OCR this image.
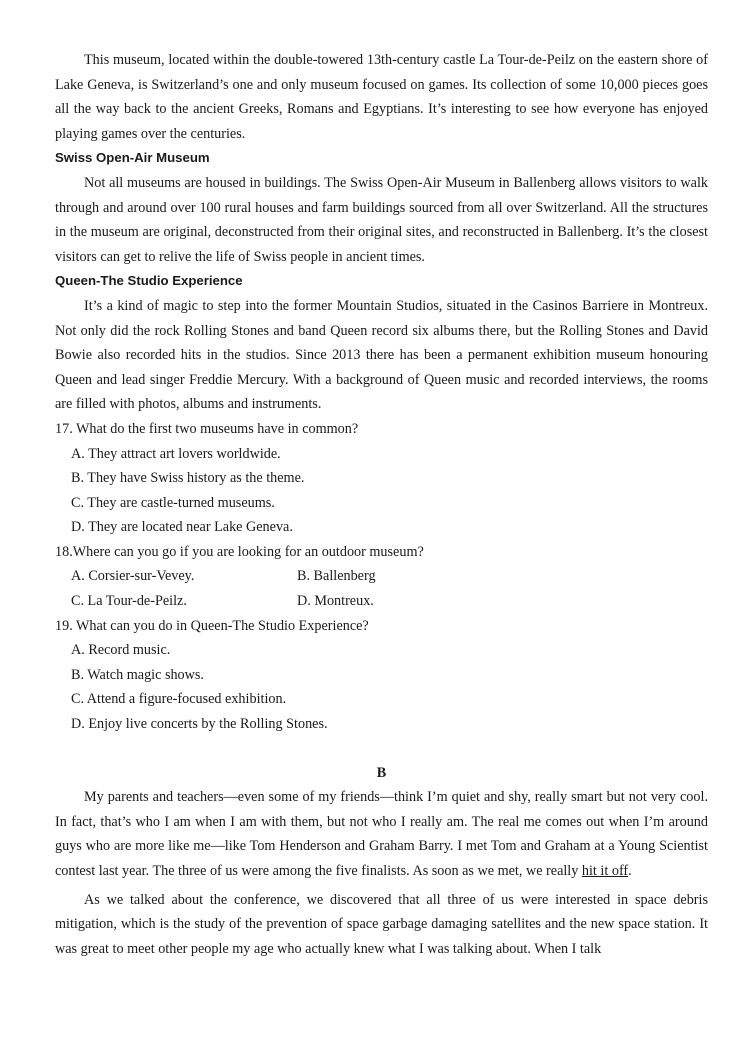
This museum, located within the double-towered 13th-century castle La Tour-de-Peilz on the eastern shore of Lake Geneva, is Switzerland’s one and only museum focused on games. Its collection of some 10,000 pieces goes all the way back to the ancient Greeks, Romans and Egyptians. It’s interesting to see how everyone has enjoyed playing games over the centuries.

Swiss Open-Air Museum

Not all museums are housed in buildings. The Swiss Open-Air Museum in Ballenberg allows visitors to walk through and around over 100 rural houses and farm buildings sourced from all over Switzerland. All the structures in the museum are original, deconstructed from their original sites, and reconstructed in Ballenberg. It’s the closest visitors can get to relive the life of Swiss people in ancient times.

Queen-The Studio Experience

It’s a kind of magic to step into the former Mountain Studios, situated in the Casinos Barriere in Montreux. Not only did the rock Rolling Stones and band Queen record six albums there, but the Rolling Stones and David Bowie also recorded hits in the studios. Since 2013 there has been a permanent exhibition museum honouring Queen and lead singer Freddie Mercury. With a background of Queen music and recorded interviews, the rooms are filled with photos, albums and instruments.

17. What do the first two museums have in common?
A. They attract art lovers worldwide.
B. They have Swiss history as the theme.
C. They are castle-turned museums.
D. They are located near Lake Geneva.
18.Where can you go if you are looking for an outdoor museum?
A. Corsier-sur-Vevey.	B. Ballenberg
C. La Tour-de-Peilz.	D. Montreux.
19. What can you do in Queen-The Studio Experience?
A. Record music.
B. Watch magic shows.
C. Attend a figure-focused exhibition.
D. Enjoy live concerts by the Rolling Stones.
B

My parents and teachers—even some of my friends—think I’m quiet and shy, really smart but not very cool. In fact, that’s who I am when I am with them, but not who I really am. The real me comes out when I’m around guys who are more like me—like Tom Henderson and Graham Barry. I met Tom and Graham at a Young Scientist contest last year. The three of us were among the five finalists. As soon as we met, we really hit it off.

As we talked about the conference, we discovered that all three of us were interested in space debris mitigation, which is the study of the prevention of space garbage damaging satellites and the new space station. It was great to meet other people my age who actually knew what I was talking about. When I talk
